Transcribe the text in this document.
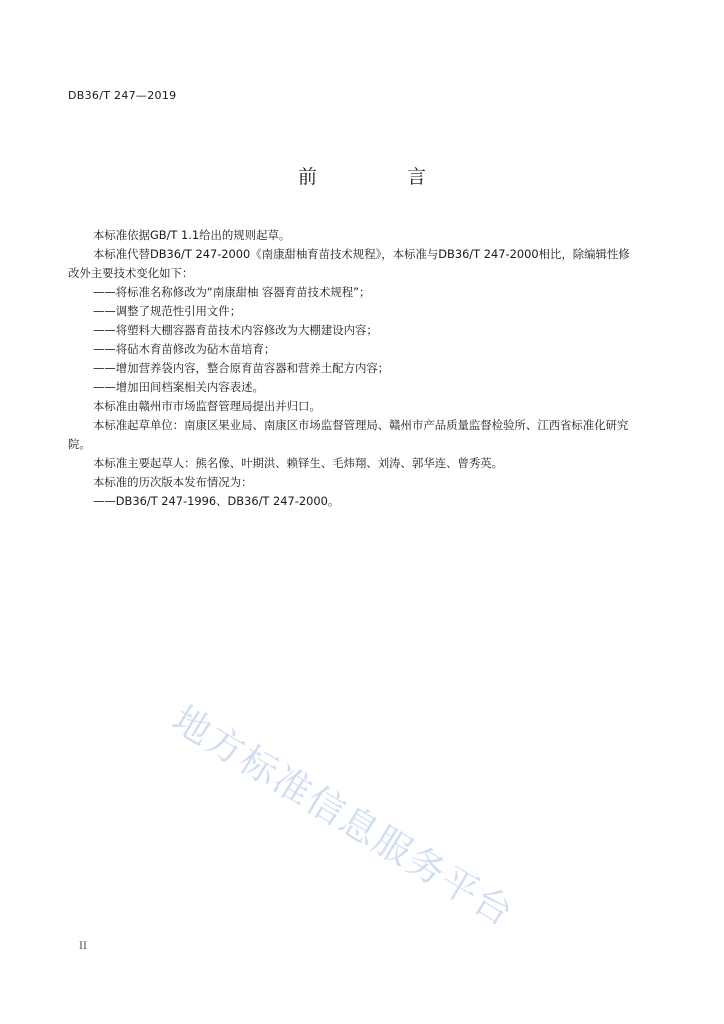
DB36/T 247—2019
前 言

本标准依据GB/T 1.1给出的规则起草。

本标准代替DB36/T 247-2000《南康甜柚育苗技术规程》，本标准与DB36/T 247-2000相比，除编辑性修改外主要技术变化如下：

——将标准名称修改为“南康甜柚 容器育苗技术规程”；

——调整了规范性引用文件；

——将塑料大棚容器育苗技术内容修改为大棚建设内容；

——将砧木育苗修改为砧木苗培育；

——增加营养袋内容，整合原育苗容器和营养土配方内容；

——增加田间档案相关内容表述。

本标准由赣州市市场监督管理局提出并归口。

本标准起草单位：南康区果业局、南康区市场监督管理局、赣州市产品质量监督检验所、江西省标准化研究院。

本标准主要起草人：熊名像、叶期洪、赖铎生、毛炜翔、刘涛、郭华连、曾秀英。

本标准的历次版本发布情况为：

——DB36/T 247-1996、DB36/T 247-2000。

地方标准信息服务平台
II
